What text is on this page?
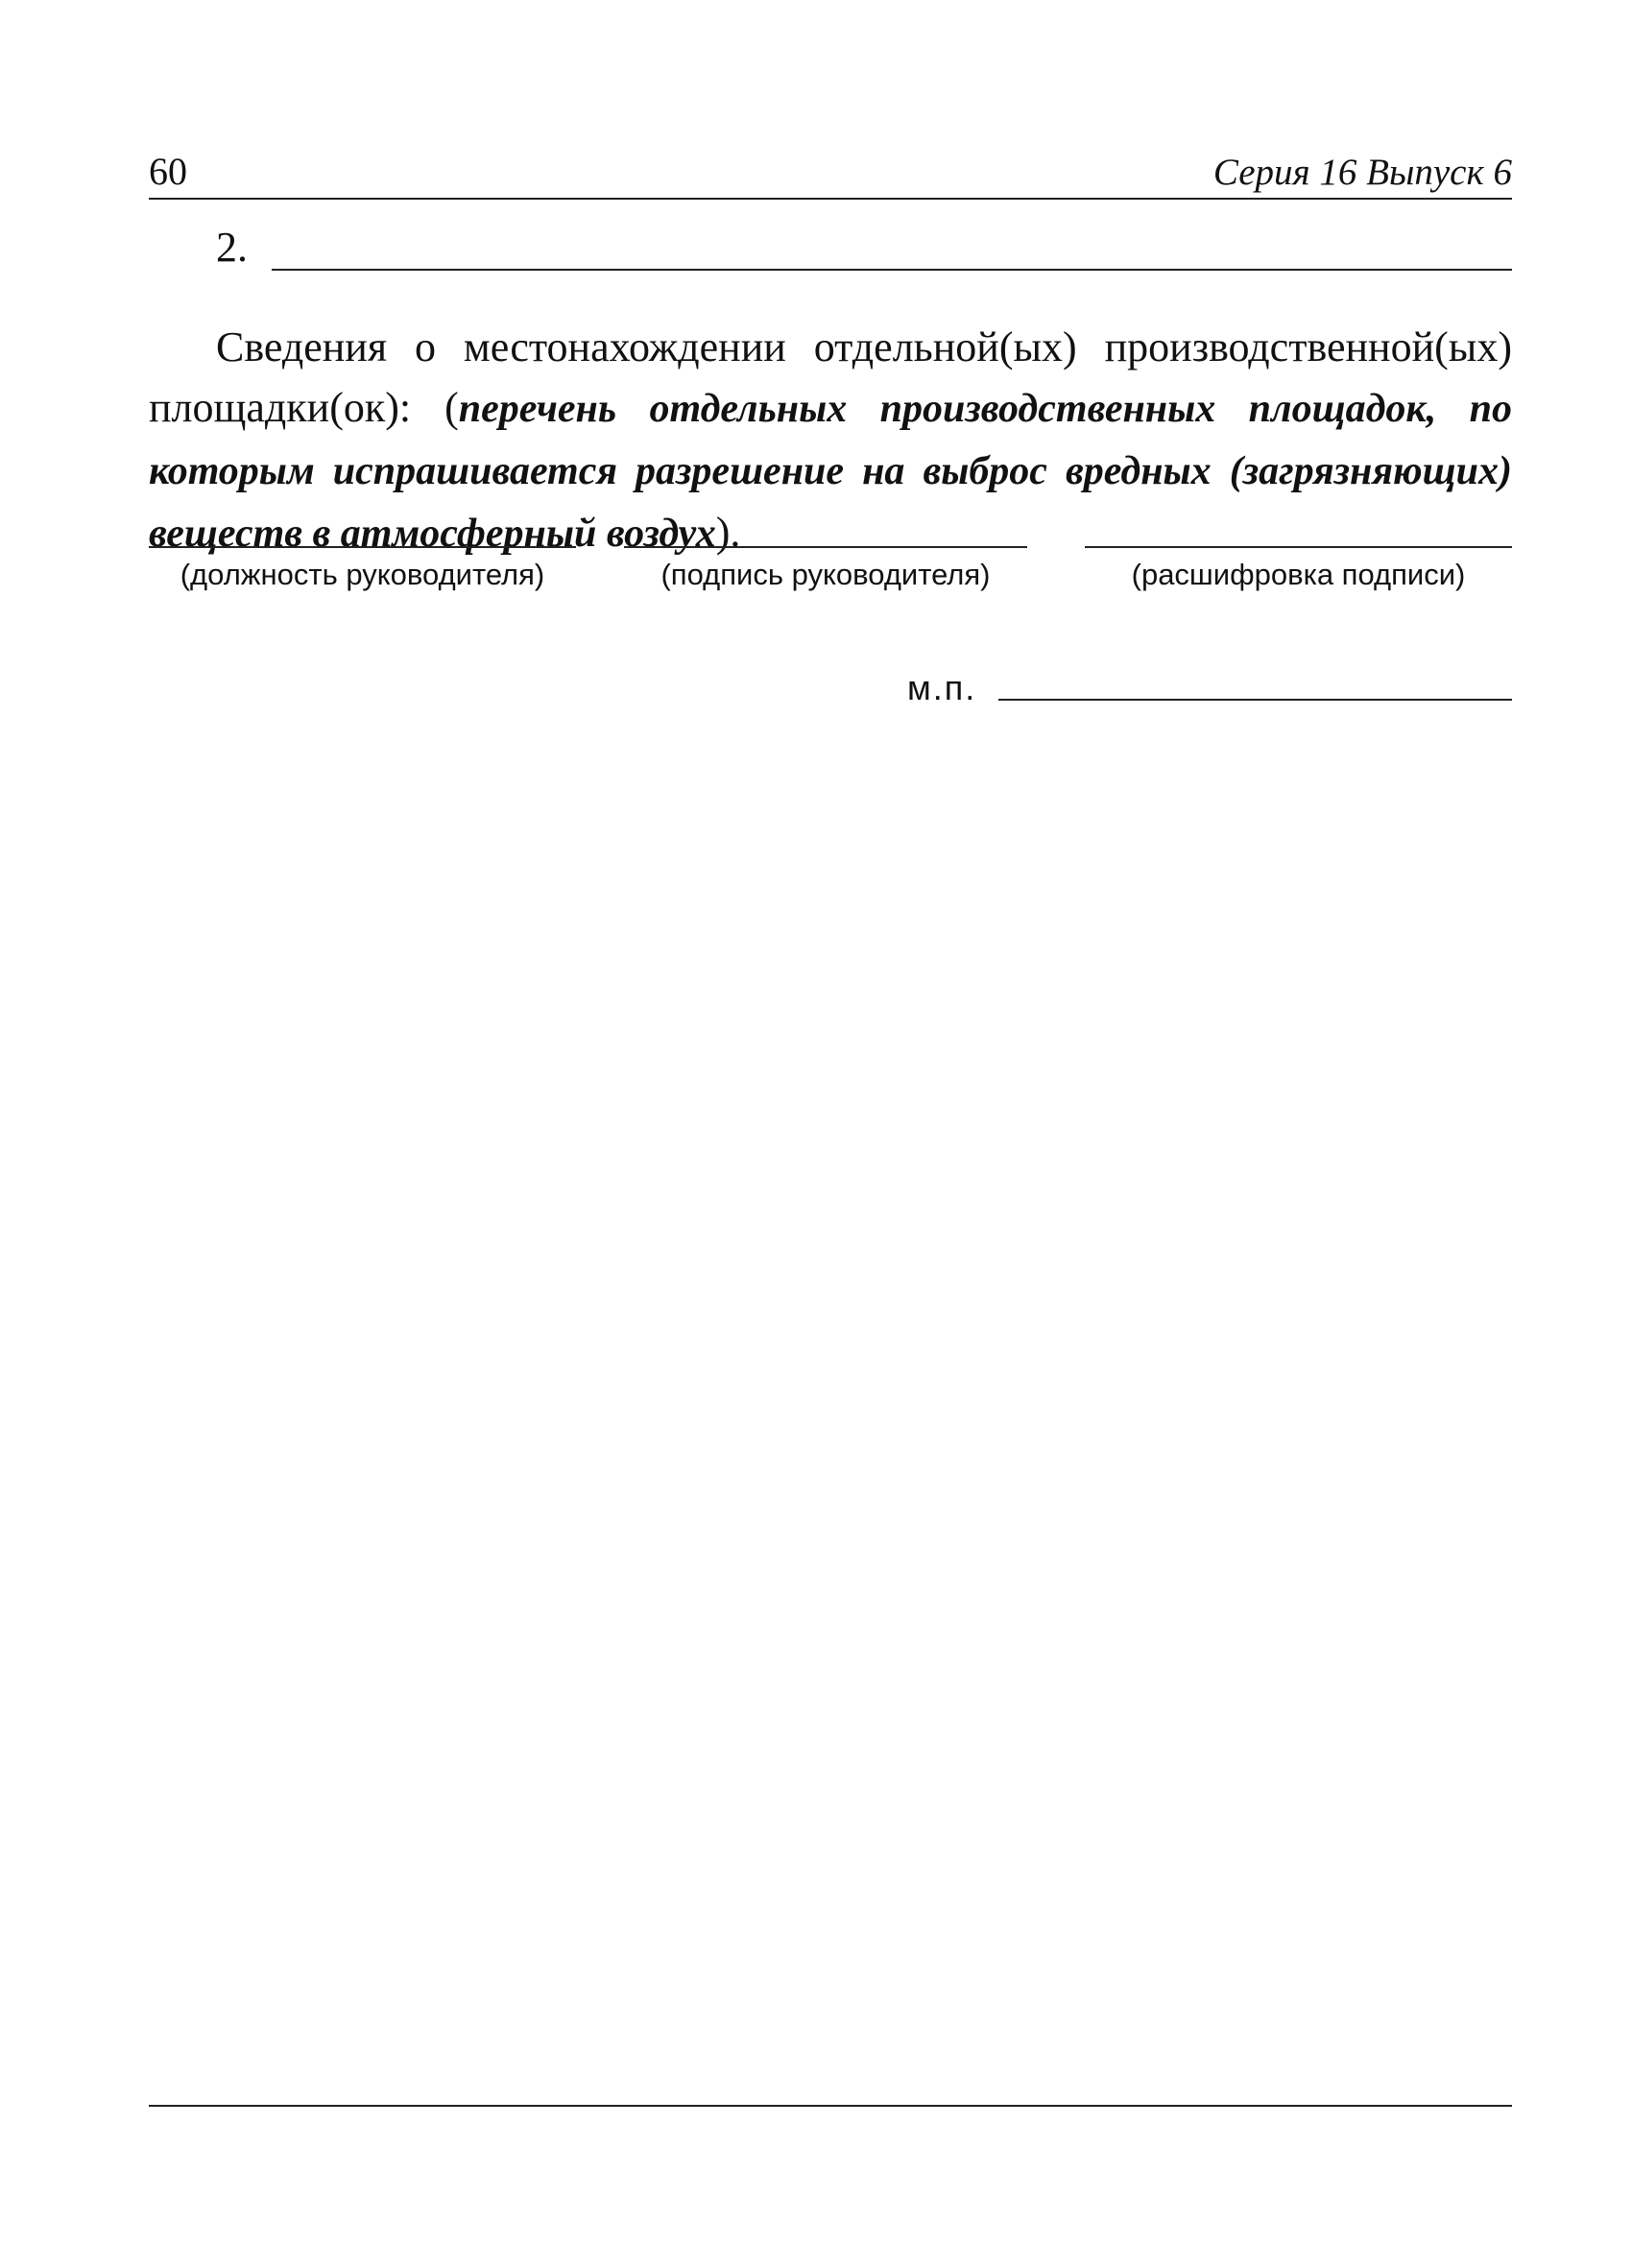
60	Серия 16 Выпуск 6
2.

Сведения о местонахождении отдельной(ых) производственной(ых) площадки(ок): (перечень отдельных производственных площадок, по которым испрашивается разрешение на выброс вредных (загрязняющих) веществ в атмосферный воздух).

(должность руководителя)	(подпись руководителя)	(расшифровка подписи)
м.п.
